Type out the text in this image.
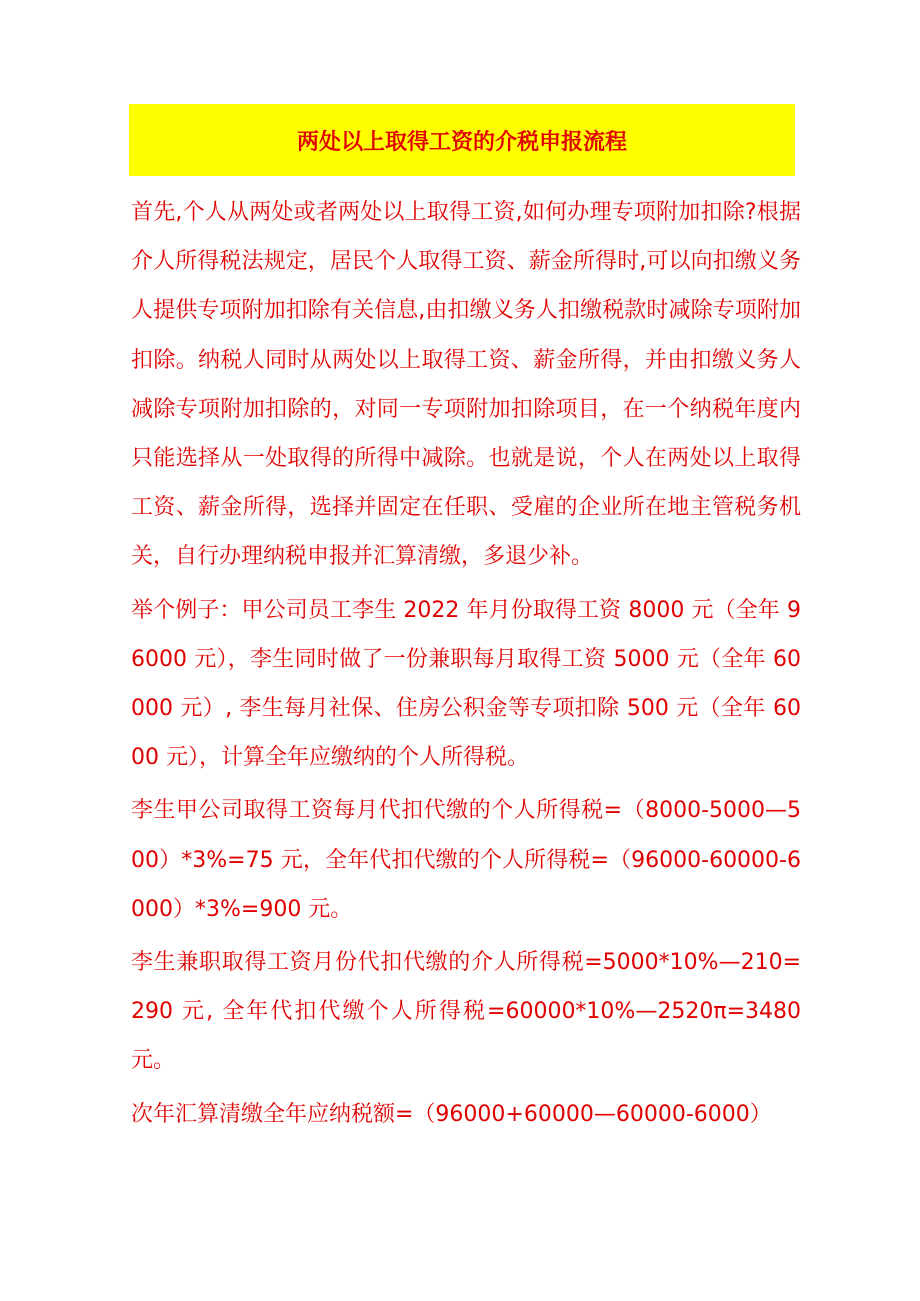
两处以上取得工资的介税申报流程

首先,个人从两处或者两处以上取得工资,如何办理专项附加扣除?根据介人所得税法规定，居民个人取得工资、薪金所得时,可以向扣缴义务人提供专项附加扣除有关信息,由扣缴义务人扣缴税款时减除专项附加扣除。纳税人同时从两处以上取得工资、薪金所得，并由扣缴义务人减除专项附加扣除的，对同一专项附加扣除项目，在一个纳税年度内只能选择从一处取得的所得中减除。也就是说，个人在两处以上取得工资、薪金所得，选择并固定在任职、受雇的企业所在地主管税务机关，自行办理纳税申报并汇算清缴，多退少补。

举个例子：甲公司员工李生 2022 年月份取得工资 8000 元（全年 96000 元），李生同时做了一份兼职每月取得工资 5000 元（全年 60000 元）, 李生每月社保、住房公积金等专项扣除 500 元（全年 6000 元），计算全年应缴纳的个人所得税。

李生甲公司取得工资每月代扣代缴的个人所得税=（8000-5000—500）*3%=75 元，全年代扣代缴的个人所得税=（96000-60000-6000）*3%=900 元。

李生兼职取得工资月份代扣代缴的介人所得税=5000*10%—210=290 元, 全年代扣代缴个人所得税=60000*10%—2520π=3480 元。

次年汇算清缴全年应纳税额=（96000+60000—60000-6000）
